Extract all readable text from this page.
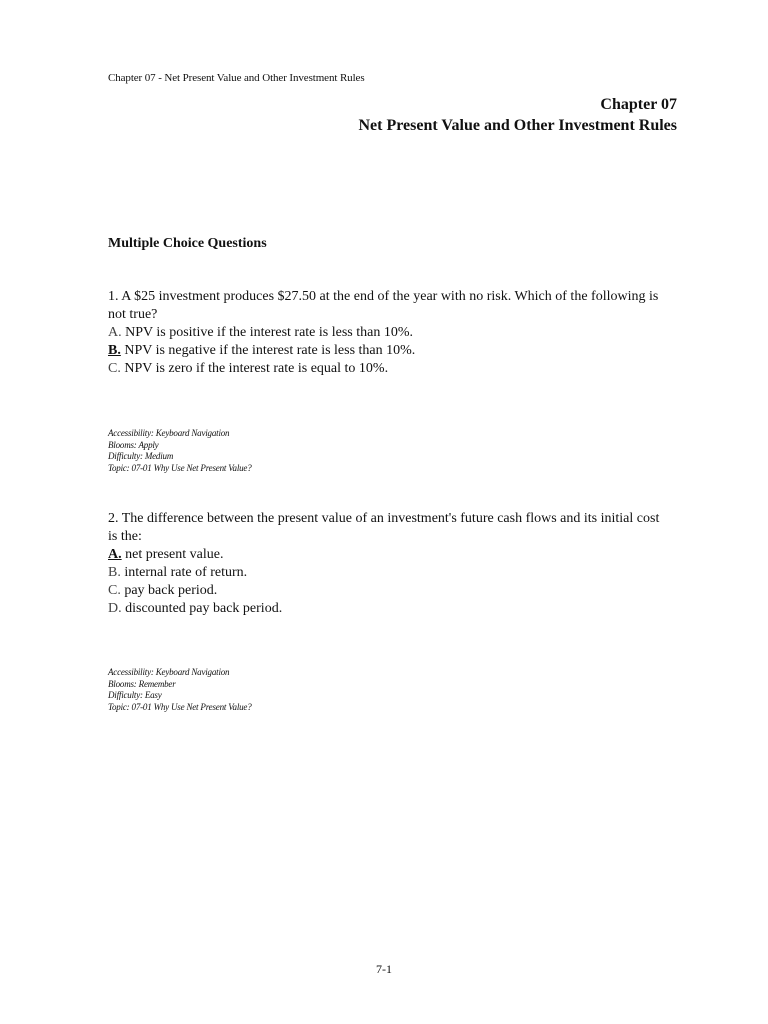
Chapter 07 - Net Present Value and Other Investment Rules
Chapter 07
Net Present Value and Other Investment Rules
Multiple Choice Questions

1. A $25 investment produces $27.50 at the end of the year with no risk. Which of the following is not true?

A. NPV is positive if the interest rate is less than 10%.

B. NPV is negative if the interest rate is less than 10%.

C. NPV is zero if the interest rate is equal to 10%.

Accessibility: Keyboard Navigation

Blooms: Apply

Difficulty: Medium

Topic: 07-01 Why Use Net Present Value?

2. The difference between the present value of an investment's future cash flows and its initial cost is the:

A. net present value.

B. internal rate of return.

C. pay back period.

D. discounted pay back period.

Accessibility: Keyboard Navigation

Blooms: Remember

Difficulty: Easy

Topic: 07-01 Why Use Net Present Value?

7-1
